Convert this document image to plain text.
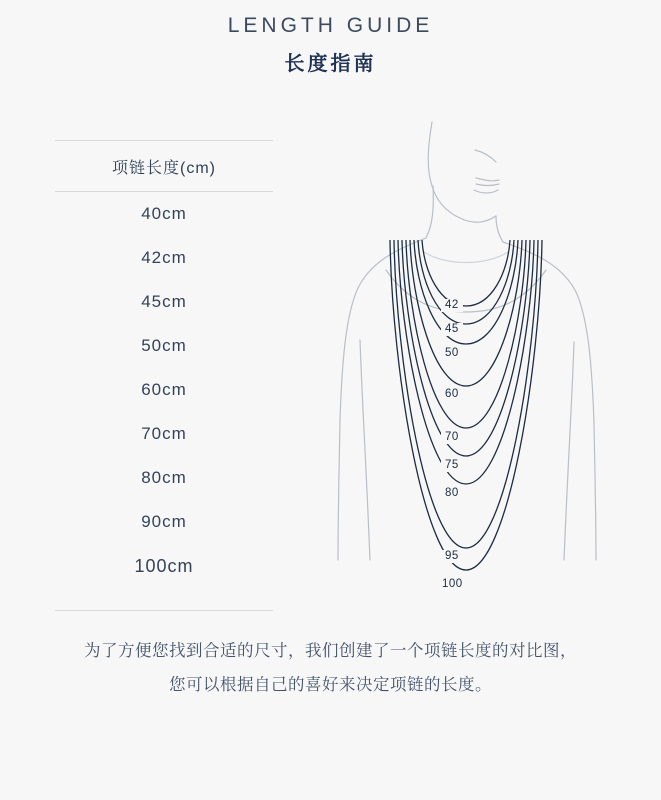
LENGTH GUIDE
长度指南
项链长度(cm)
40cm
42cm
45cm
50cm
60cm
70cm
80cm
90cm
100cm
42
45
50
60
70
75
80
95
100
为了方便您找到合适的尺寸，我们创建了一个项链长度的对比图，
您可以根据自己的喜好来决定项链的长度。
